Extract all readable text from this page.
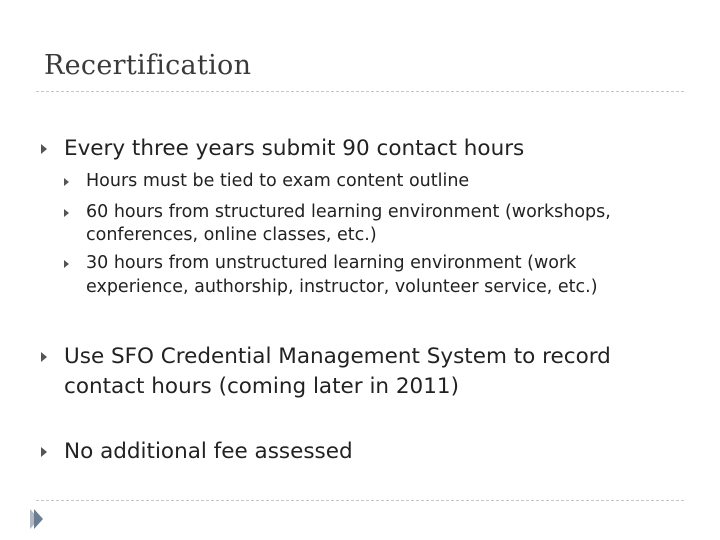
Recertification
Every three years submit 90 contact hours
Hours must be tied to exam content outline
60 hours from structured learning environment (workshops,
conferences, online classes, etc.)
30 hours from unstructured learning environment (work
experience, authorship, instructor, volunteer service, etc.)
Use SFO Credential Management System to record
contact hours (coming later in 2011)
No additional fee assessed
